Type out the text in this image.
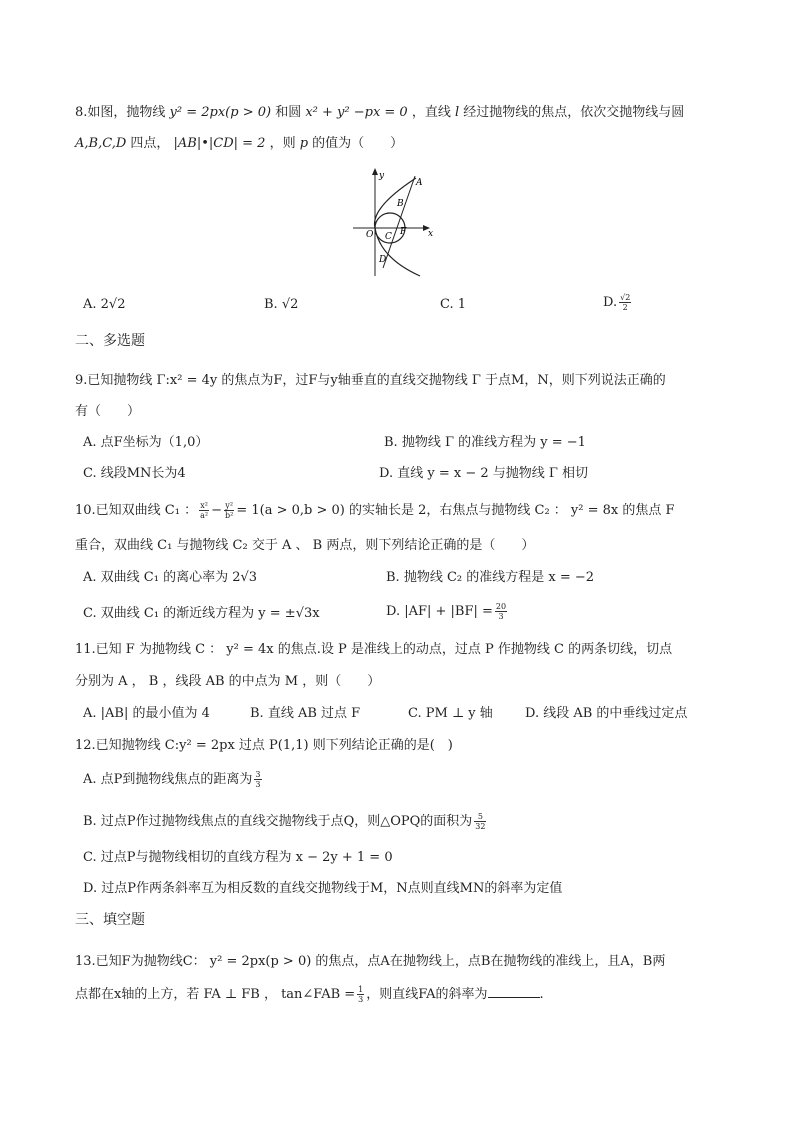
8.如图，抛物线 y² = 2px(p > 0) 和圆 x² + y² −px = 0 ，直线 l 经过抛物线的焦点，依次交抛物线与圆
A,B,C,D 四点， |AB|•|CD| = 2 ，则 p 的值为（　　）
y
x
O
A
B
C F
D
A. 2√2	B. √2	C. 1	D. $\frac{√2}{2}$
二、多选题
9.已知抛物线 Γ:x² = 4y 的焦点为F，过F与y轴垂直的直线交抛物线 Γ 于点M，N，则下列说法正确的
有（　　）
A. 点F坐标为（1,0）	B. 抛物线 Γ 的准线方程为 y = −1
C. 线段MN长为4	D. 直线 y = x − 2 与抛物线 Γ 相切
10.已知双曲线 C₁ ： $\frac{\text{x²}}{\text{a²}} - \frac{\text{y²}}{\text{b²}} = 1(a > 0,b > 0)$ 的实轴长是 2，右焦点与抛物线 C₂ ： y² = 8x 的焦点 F
重合，双曲线 C₁ 与抛物线 C₂ 交于 A 、 B 两点，则下列结论正确的是（　　）
A. 双曲线 C₁ 的离心率为 2√3	B. 抛物线 C₂ 的准线方程是 x = −2
C. 双曲线 C₁ 的渐近线方程为 y = ±√3x	D. $|AF| + |BF| = \frac{20}{3}$
11.已知 F 为抛物线 C ： y² = 4x 的焦点.设 P 是准线上的动点，过点 P 作抛物线 C 的两条切线，切点
分别为 A ， B ，线段 AB 的中点为 M ，则（　　）
A. |AB| 的最小值为 4	B. 直线 AB 过点 F	C. PM ⊥ y 轴 D. 线段 AB 的中垂线过定点
12.已知抛物线 C:y² = 2px 过点 P(1,1) 则下列结论正确的是(　)
A. 点P到抛物线焦点的距离为 $\frac{3}{3}$
B. 过点P作过抛物线焦点的直线交抛物线于点Q，则△OPQ的面积为 $\frac{5}{32}$
C. 过点P与抛物线相切的直线方程为 x − 2y + 1 = 0
D. 过点P作两条斜率互为相反数的直线交抛物线于M，N点则直线MN的斜率为定值
三、填空题
13.已知F为抛物线C： y² = 2px(p > 0) 的焦点，点A在抛物线上，点B在抛物线的准线上，且A，B两
点都在x轴的上方，若 FA ⊥ FB ， tan∠FAB = $\frac{1}{3}$ ，则直线FA的斜率为	.
